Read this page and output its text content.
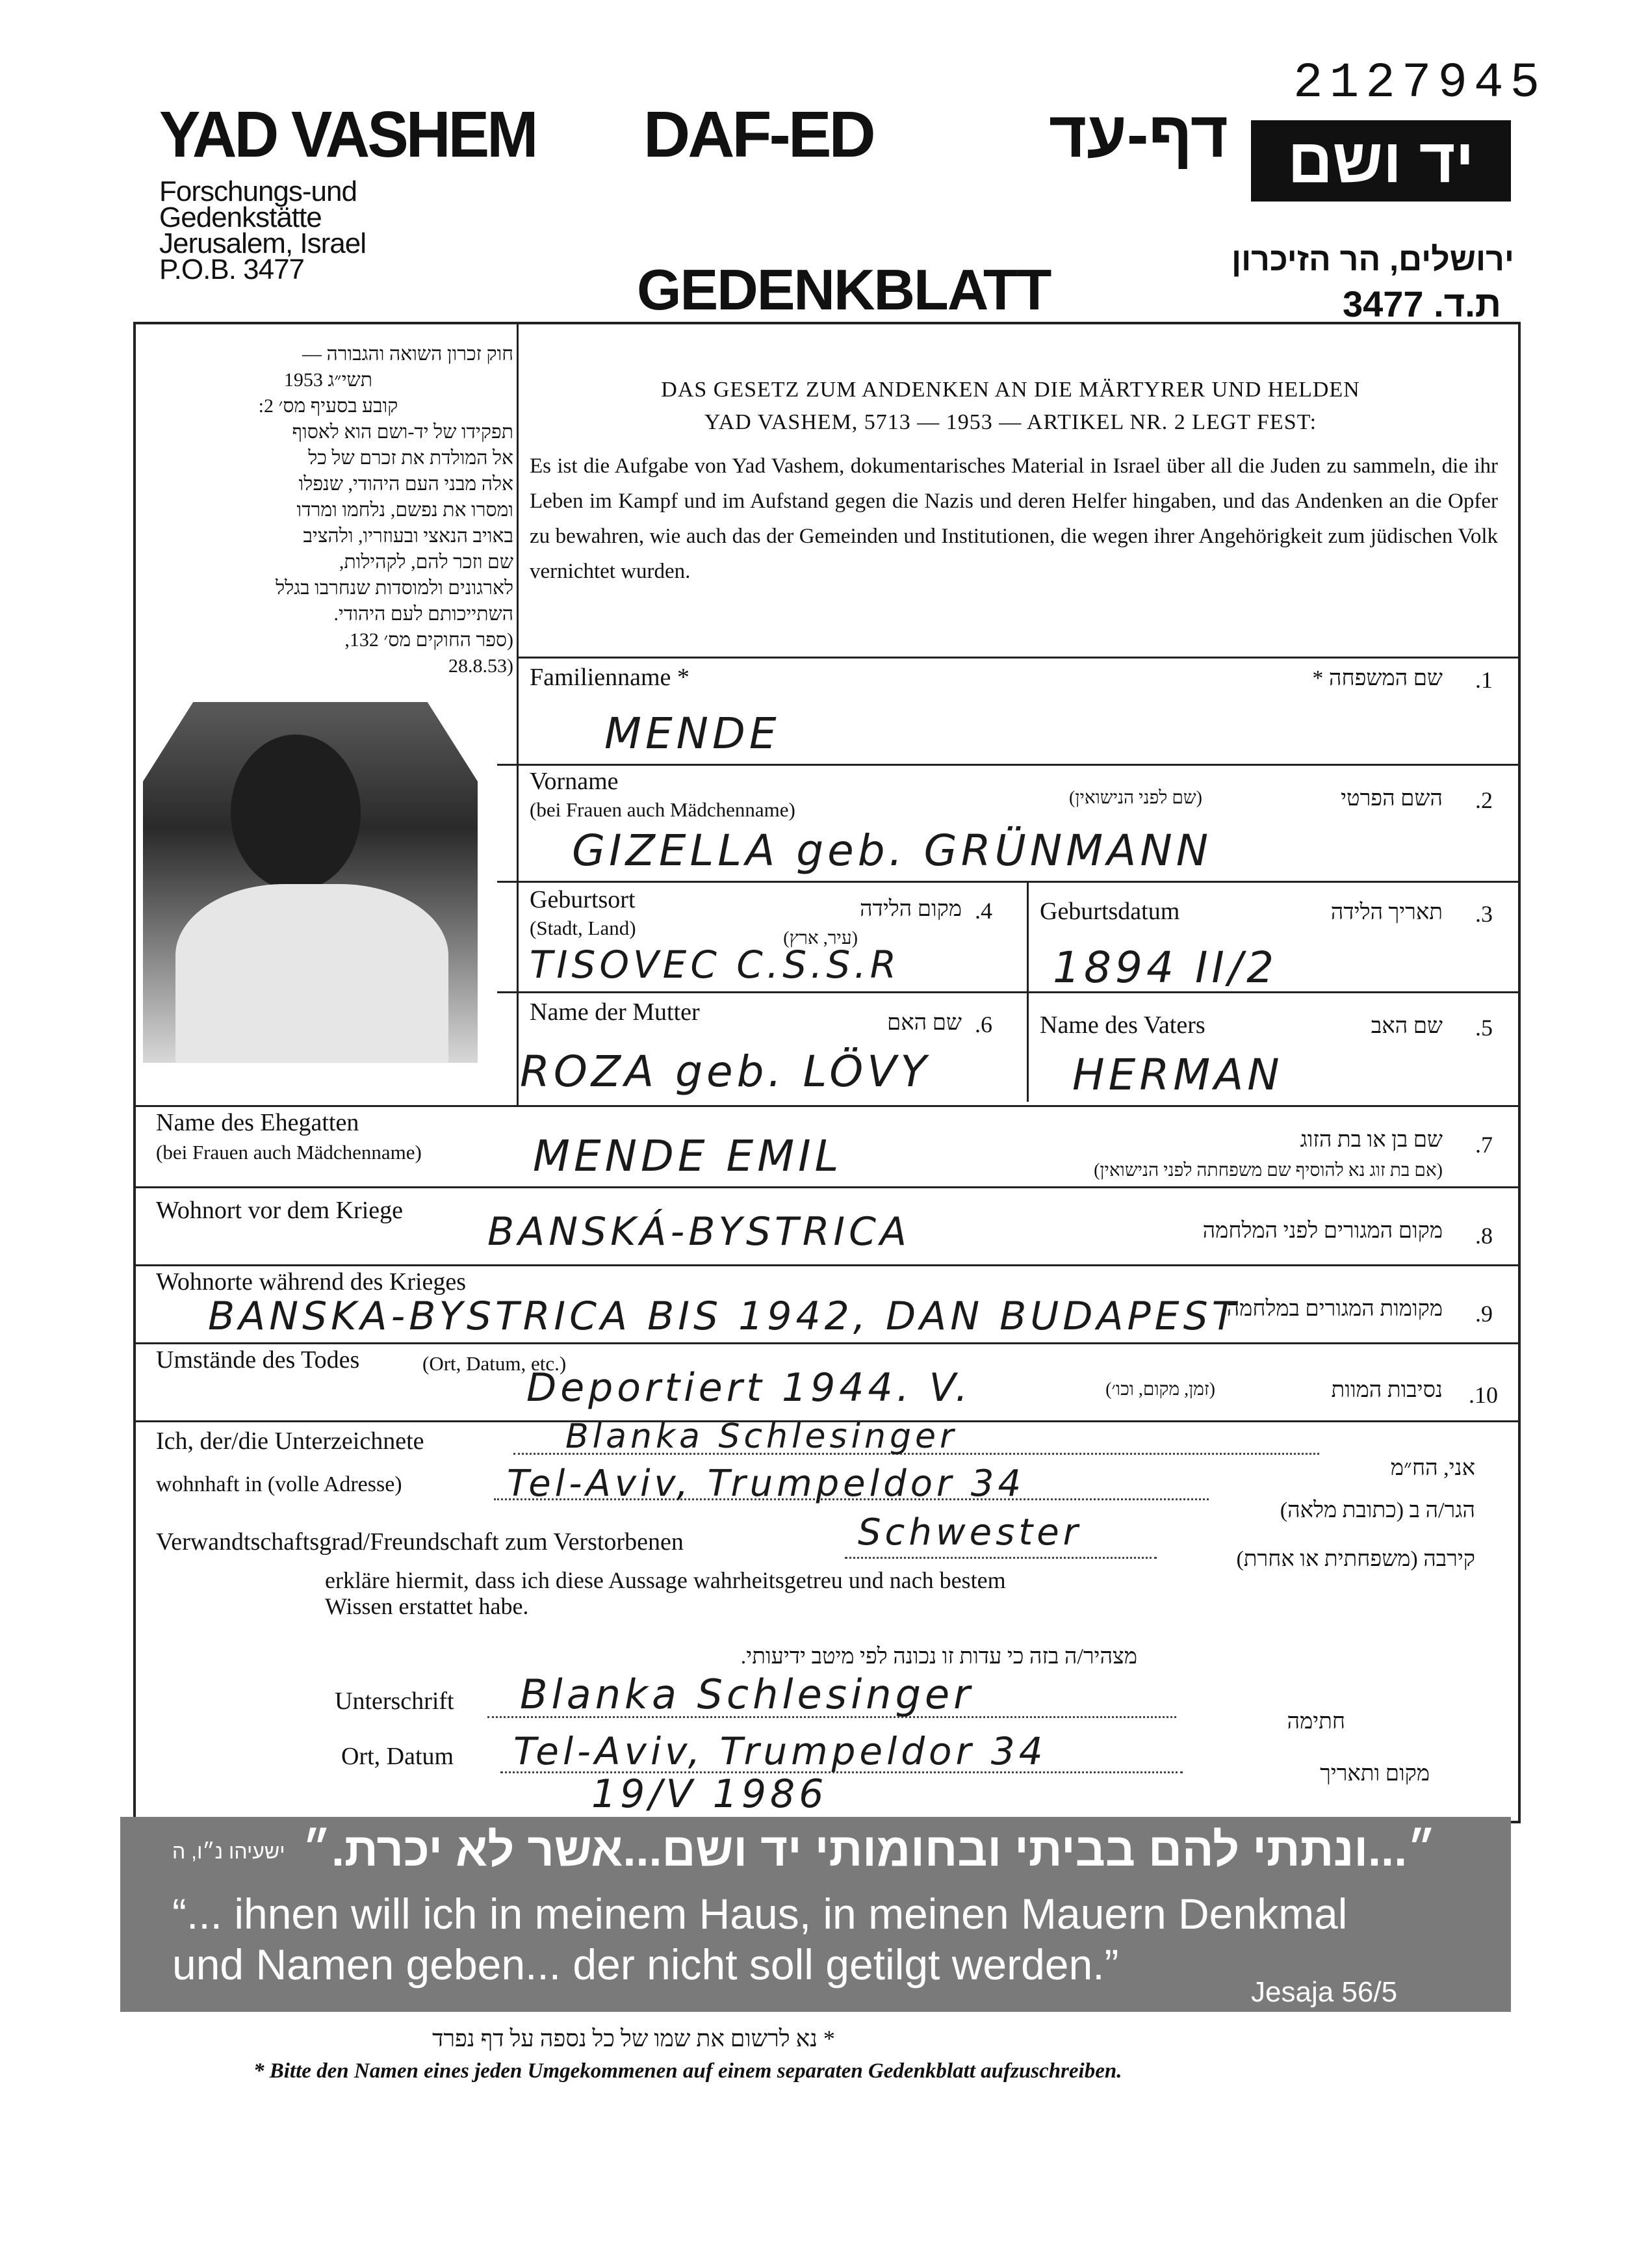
2127945
YAD VASHEM DAF-ED	דף-עד יד ושם
Forschungs-und
Gedenkstätte
Jerusalem, Israel
P.O.B. 3477	GEDENKBLATT	ירושלים, הר הזיכרון
ת.ד. 3477
חוק זכרון השואה והגבורה —
תשי״ג 1953
קובע בסעיף מס׳ 2:
תפקידו של יד-ושם הוא לאסוף
אל המולדת את זכרם של כל
אלה מבני העם היהודי, שנפלו
ומסרו את נפשם, נלחמו ומרדו
באויב הנאצי ובעוזריו, ולהציב
שם וזכר להם, לקהילות,
לארגונים ולמוסדות שנחרבו בגלל
השתייכותם לעם היהודי.
(ספר החוקים מס׳ 132,
(28.8.53
DAS GESETZ ZUM ANDENKEN AN DIE MÄRTYRER UND HELDEN
YAD VASHEM, 5713 — 1953 — ARTIKEL NR. 2 LEGT FEST:
Es ist die Aufgabe von Yad Vashem, dokumentarisches Material in Israel über all die Juden zu sammeln, die ihr Leben im Kampf und im Aufstand gegen die Nazis und deren Helfer hingaben, und das Andenken an die Opfer zu bewahren, wie auch das der Gemeinden und Institutionen, die wegen ihrer Angehörigkeit zum jüdischen Volk vernichtet wurden.
Familienname *	שם המשפחה * .1
MENDE
Vorname
(bei Frauen auch Mädchenname)	השם הפרטי
(שם לפני הנישואין)	.2
GIZELLA geb. GRÜNMANN
Geburtsort
(Stadt, Land)
מקום הלידה
(עיר, ארץ)
.4
TISOVEC C.S.S.R
Geburtsdatum	תאריך הלידה .3
1894 II/2
Name der Mutter	שם האם .6
ROZA geb. LÖVY
Name des Vaters	שם האב .5
HERMAN
Name des Ehegatten
(bei Frauen auch Mädchenname)
שם בן או בת הזוג
(אם בת זוג נא להוסיף שם משפחתה לפני הנישואין)
.7
MENDE EMIL
Wohnort vor dem Kriege
מקום המגורים לפני המלחמה .8
BANSKÁ-BYSTRICA
Wohnorte während des Krieges
מקומות המגורים במלחמה .9
BANSKA-BYSTRICA BIS 1942, DAN BUDAPEST
Umstände des Todes	(Ort, Datum, etc.)
נסיבות המוות
(זמן, מקום, וכו׳)	.10
Deportiert 1944. V.
Ich, der/die Unterzeichnete	Blanka Schlesinger
אני, הח״מ
wohnhaft in (volle Adresse)	Tel-Aviv, Trumpeldor 34
הגר/ה ב (כתובת מלאה)
Verwandtschaftsgrad/Freundschaft zum Verstorbenen	Schwester
קירבה (משפחתית או אחרת)
erkläre hiermit, dass ich diese Aussage wahrheitsgetreu und nach bestem
Wissen erstattet habe.
מצהיר/ה בזה כי עדות זו נכונה לפי מיטב ידיעותי.
Unterschrift Blanka Schlesinger
חתימה
Ort, Datum Tel-Aviv, Trumpeldor 34
19/V 1986	מקום ותאריך
״...ונתתי להם בביתי ובחומותי יד ושם...אשר לא יכרת.״
ישעיהו נ״ו, ה
“... ihnen will ich in meinem Haus, in meinen Mauern Denkmal
und Namen geben... der nicht soll getilgt werden.”
Jesaja 56/5
* נא לרשום את שמו של כל נספה על דף נפרד
* Bitte den Namen eines jeden Umgekommenen auf einem separaten Gedenkblatt aufzuschreiben.
